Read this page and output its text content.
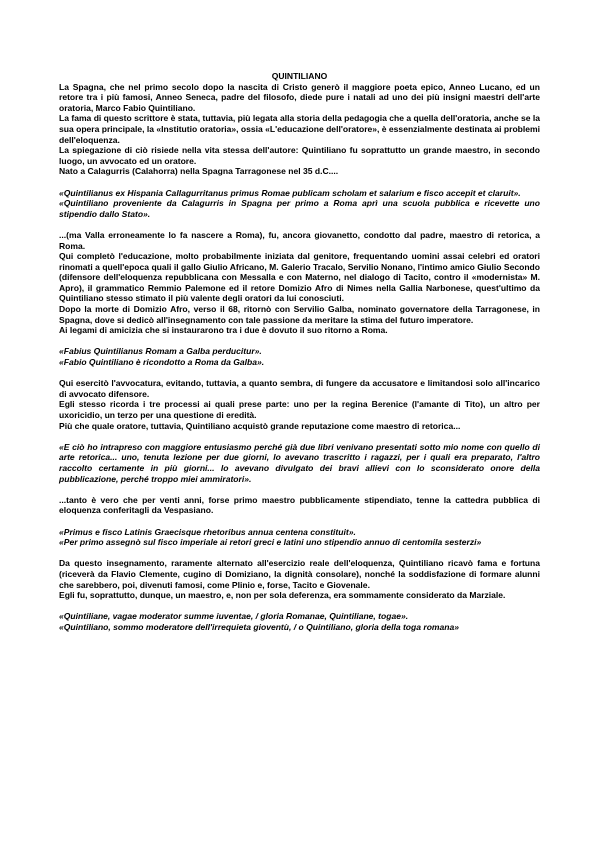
QUINTILIANO

La Spagna, che nel primo secolo dopo la nascita di Cristo generò il maggiore poeta epico, Anneo Lucano, ed un retore tra i più famosi, Anneo Seneca, padre del filosofo, diede pure i natali ad uno dei più insigni maestri dell'arte oratoria, Marco Fabio Quintiliano.

La fama di questo scrittore è stata, tuttavia, più legata alla storia della pedagogia che a quella dell'oratoria, anche se la sua opera principale, la «Institutio oratoria», ossia «L'educazione dell'oratore», è essenzialmente destinata ai problemi dell'eloquenza.

La spiegazione di ciò risiede nella vita stessa dell'autore: Quintiliano fu soprattutto un grande maestro, in secondo luogo, un avvocato ed un oratore.

Nato a Calagurris (Calahorra) nella Spagna Tarragonese nel 35 d.C....

«Quintilianus ex Hispania Callagurritanus primus Romae publicam scholam et salarium e fisco accepit et claruit».

«Quintiliano proveniente da Calagurris in Spagna per primo a Roma aprì una scuola pubblica e ricevette uno stipendio dallo Stato».

...(ma Valla erroneamente lo fa nascere a Roma), fu, ancora giovanetto, condotto dal padre, maestro di retorica, a Roma.

Qui completò l'educazione, molto probabilmente iniziata dal genitore, frequentando uomini assai celebri ed oratori rinomati a quell'epoca quali il gallo Giulio Africano, M. Galerio Tracalo, Servilio Nonano, l'intimo amico Giulio Secondo (difensore dell'eloquenza repubblicana con Messalla e con Materno, nel dialogo di Tacito, contro il «modernista» M. Apro), il grammatico Remmio Palemone ed il retore Domizio Afro di Nimes nella Gallia Narbonese, quest'ultimo da Quintiliano stesso stimato il più valente degli oratori da lui conosciuti.

Dopo la morte di Domizio Afro, verso il 68, ritornò con Servilio Galba, nominato governatore della Tarragonese, in Spagna, dove si dedicò all'insegnamento con tale passione da meritare la stima del futuro imperatore.

Ai legami di amicizia che si instaurarono tra i due è dovuto il suo ritorno a Roma.

«Fabius Quintilianus Romam a Galba perducitur».

«Fabio Quintiliano è ricondotto a Roma da Galba».

Qui esercitò l'avvocatura, evitando, tuttavia, a quanto sembra, di fungere da accusatore e limitandosi solo all'incarico di avvocato difensore.

Egli stesso ricorda i tre processi ai quali prese parte: uno per la regina Berenice (l'amante di Tito), un altro per uxoricidio, un terzo per una questione di eredità.

Più che quale oratore, tuttavia, Quintiliano acquistò grande reputazione come maestro di retorica...

«E ciò ho intrapreso con maggiore entusiasmo perché già due libri venivano presentati sotto mio nome con quello di arte retorica... uno, tenuta lezione per due giorni, lo avevano trascritto i ragazzi, per i quali era preparato, l'altro raccolto certamente in più giorni... lo avevano divulgato dei bravi allievi con lo sconsiderato onore della pubblicazione, perché troppo miei ammiratori».

...tanto è vero che per venti anni, forse primo maestro pubblicamente stipendiato, tenne la cattedra pubblica di eloquenza conferitagli da Vespasiano.

«Primus e fisco Latinis Graecisque rhetoribus annua centena constituit».

«Per primo assegnò sul fisco imperiale ai retori greci e latini uno stipendio annuo di centomila sesterzi»

Da questo insegnamento, raramente alternato all'esercizio reale dell'eloquenza, Quintiliano ricavò fama e fortuna (riceverà da Flavio Clemente, cugino di Domiziano, la dignità consolare), nonché la soddisfazione di formare alunni che sarebbero, poi, divenuti famosi, come Plinio e, forse, Tacito e Giovenale.

Egli fu, soprattutto, dunque, un maestro, e, non per sola deferenza, era sommamente considerato da Marziale.

«Quintiliane, vagae moderator summe iuventae, / gloria Romanae, Quintiliane, togae».

«Quintiliano, sommo moderatore dell'irrequieta gioventù, / o Quintiliano, gloria della toga romana»
